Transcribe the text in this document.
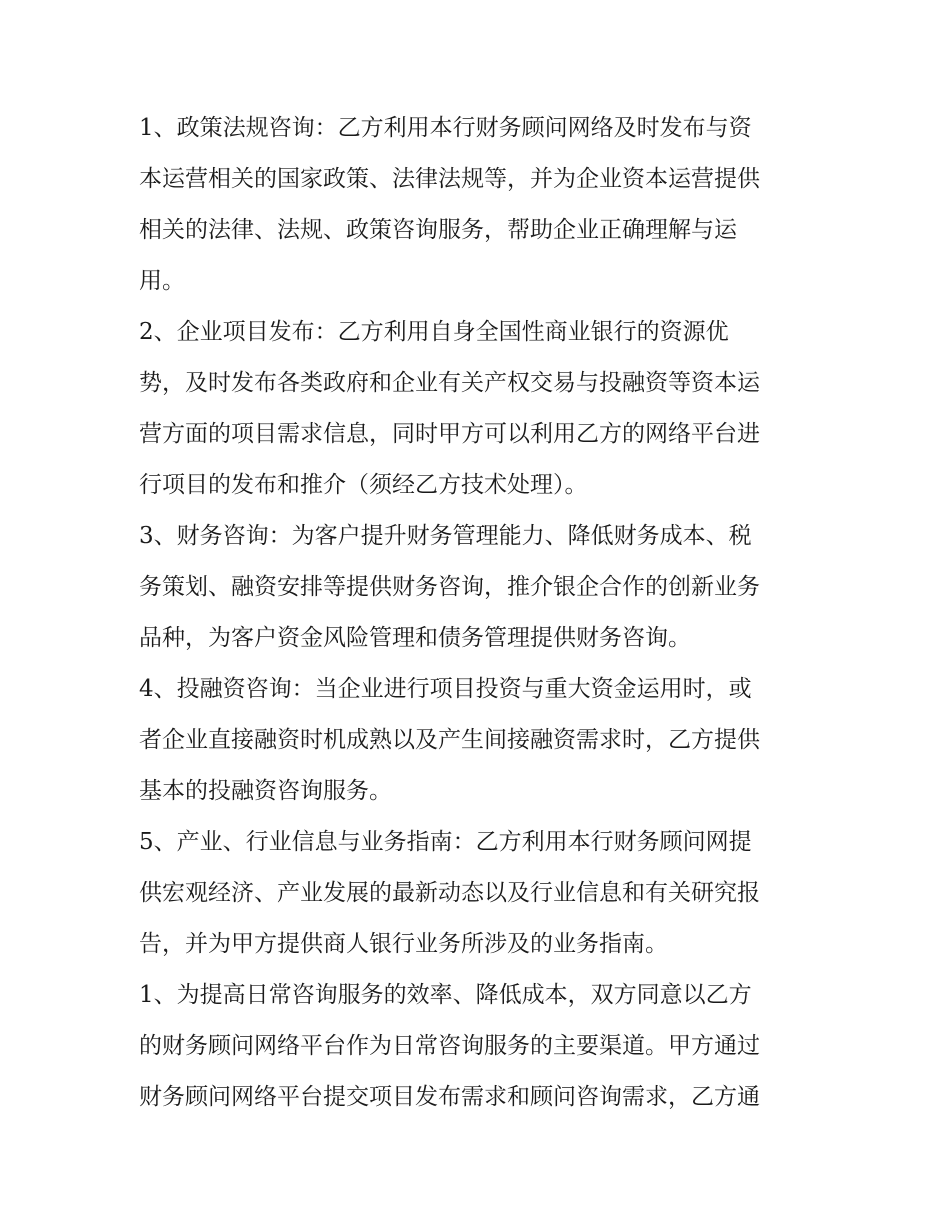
1、政策法规咨询：乙方利用本行财务顾问网络及时发布与资
本运营相关的国家政策、法律法规等，并为企业资本运营提供
相关的法律、法规、政策咨询服务，帮助企业正确理解与运
用。
2、企业项目发布：乙方利用自身全国性商业银行的资源优
势，及时发布各类政府和企业有关产权交易与投融资等资本运
营方面的项目需求信息，同时甲方可以利用乙方的网络平台进
行项目的发布和推介（须经乙方技术处理）。
3、财务咨询：为客户提升财务管理能力、降低财务成本、税
务策划、融资安排等提供财务咨询，推介银企合作的创新业务
品种，为客户资金风险管理和债务管理提供财务咨询。
4、投融资咨询：当企业进行项目投资与重大资金运用时，或
者企业直接融资时机成熟以及产生间接融资需求时，乙方提供
基本的投融资咨询服务。
5、产业、行业信息与业务指南：乙方利用本行财务顾问网提
供宏观经济、产业发展的最新动态以及行业信息和有关研究报
告，并为甲方提供商人银行业务所涉及的业务指南。
1、为提高日常咨询服务的效率、降低成本，双方同意以乙方
的财务顾问网络平台作为日常咨询服务的主要渠道。甲方通过
财务顾问网络平台提交项目发布需求和顾问咨询需求，乙方通
